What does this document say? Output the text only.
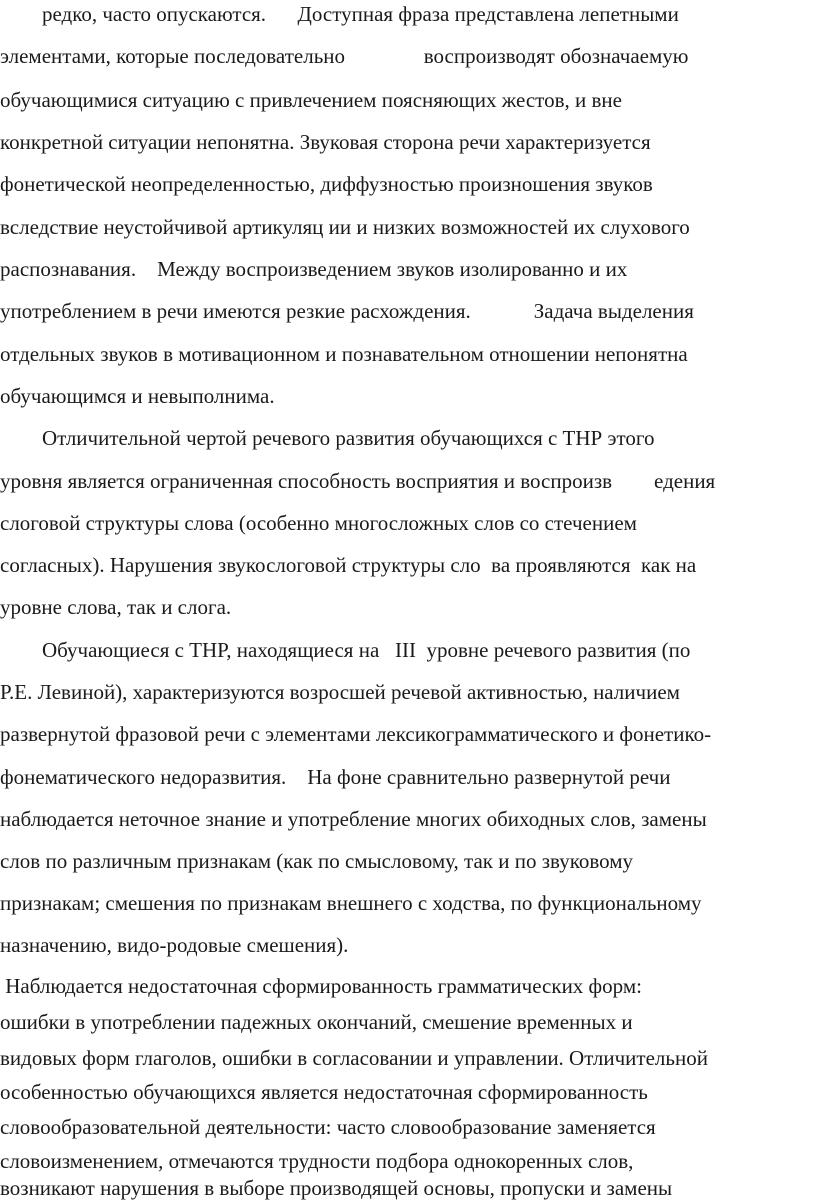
редко, часто опускаются.      Доступная фраза представлена лепетными
элементами, которые последовательно               воспроизводят обозначаемую
обучающимися ситуацию с привлечением поясняющих жестов, и вне
конкретной ситуации непонятна. Звуковая сторона речи характеризуется
фонетической неопределенностью, диффузностью произношения звуков
вследствие неустойчивой артикуляц ии и низких возможностей их слухового
распознавания.    Между воспроизведением звуков изолированно и их
употреблением в речи имеются резкие расхождения.            Задача выделения
отдельных звуков в мотивационном и познавательном отношении непонятна
обучающимся и невыполнима.
Отличительной чертой речевого развития обучающихся с ТНР этого
уровня является ограниченная способность восприятия и воспроизв        едения
слоговой структуры слова (особенно многосложных слов со стечением
согласных). Нарушения звукослоговой структуры сло  ва проявляются  как на
уровне слова, так и слога.
Обучающиеся с ТНР, находящиеся на   III  уровне речевого развития (по
Р.Е. Левиной), характеризуются возросшей речевой активностью, наличием
развернутой фразовой речи с элементами лексикограмматического и фонетико-
фонематического недоразвития.    На фоне сравнительно развернутой речи
наблюдается неточное знание и употребление многих обиходных слов, замены
слов по различным признакам (как по смысловому, так и по звуковому
признакам; смешения по признакам внешнего с ходства, по функциональному
назначению, видо-родовые смешения).
Наблюдается недостаточная сформированность грамматических форм:
ошибки в употреблении падежных окончаний, смешение временных и
видовых форм глаголов, ошибки в согласовании и управлении. Отличительной
особенностью обучающихся является недостаточная сформированность
словообразовательной деятельности: часто словообразование заменяется
словоизменением, отмечаются трудности подбора однокоренных слов,
возникают нарушения в выборе производящей основы, пропуски и замены
